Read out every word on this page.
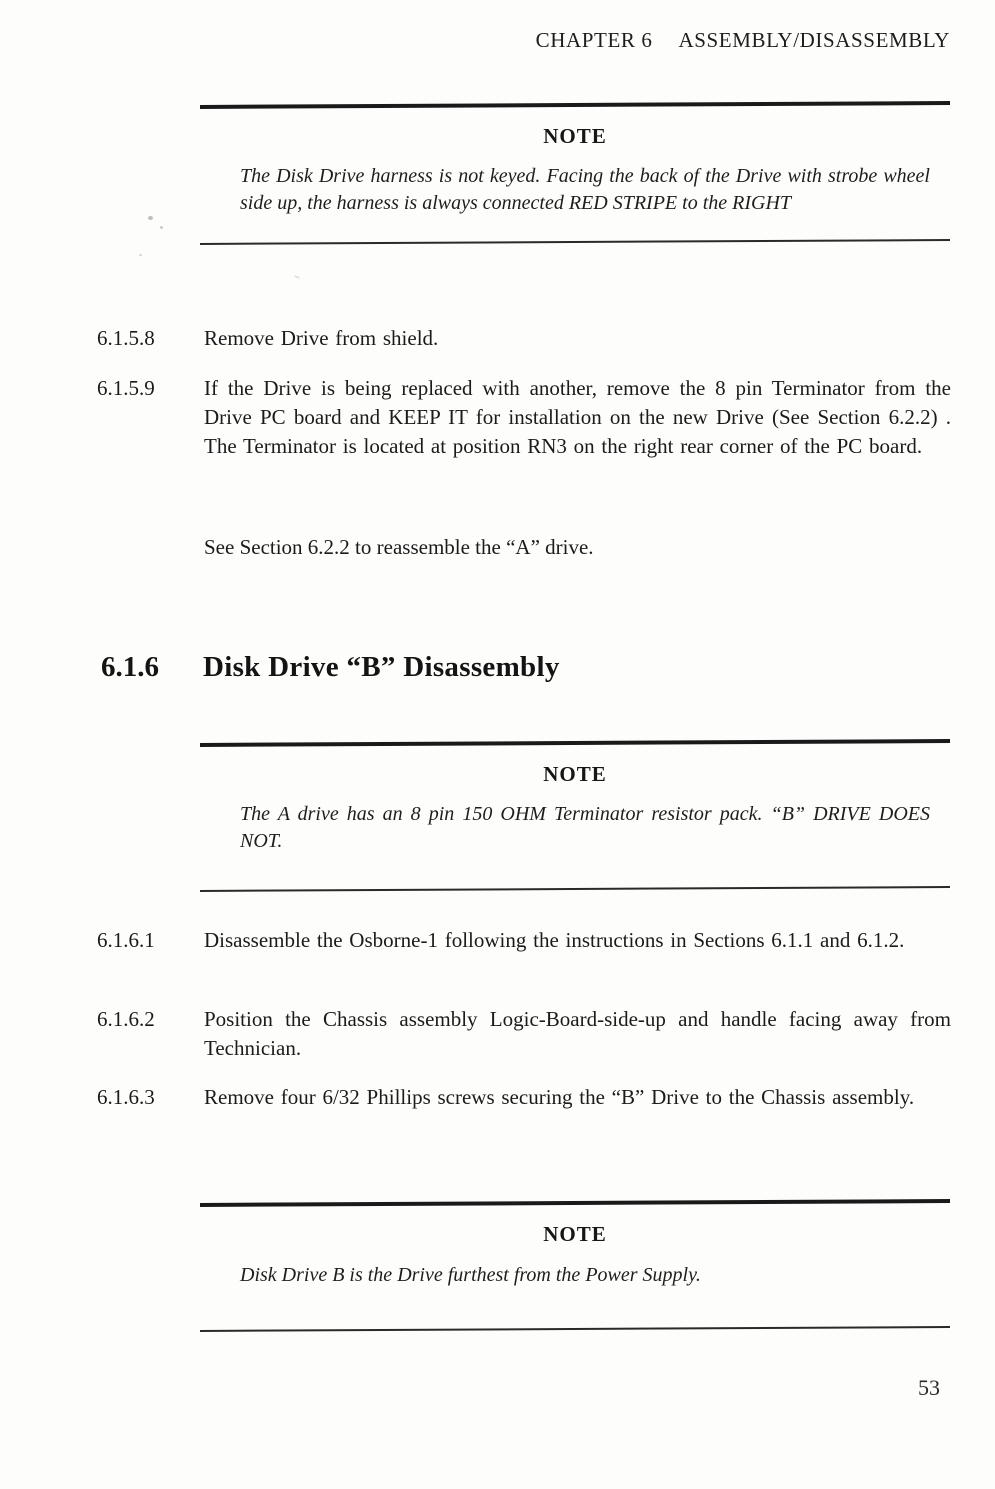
CHAPTER 6 ASSEMBLY/DISASSEMBLY
NOTE
The Disk Drive harness is not keyed. Facing the back of the Drive with strobe wheel side up, the harness is always connected RED STRIPE to the RIGHT
6.1.5.8 Remove Drive from shield.
6.1.5.9 If the Drive is being replaced with another, remove the 8 pin Terminator from the Drive PC board and KEEP IT for installation on the new Drive (See Section 6.2.2) . The Terminator is located at position RN3 on the right rear corner of the PC board.
See Section 6.2.2 to reassemble the “A” drive.
6.1.6 Disk Drive “B” Disassembly
NOTE
The A drive has an 8 pin 150 OHM Terminator resistor pack. “B” DRIVE DOES NOT.
6.1.6.1 Disassemble the Osborne-1 following the instructions in Sections 6.1.1 and 6.1.2.
6.1.6.2 Position the Chassis assembly Logic-Board-side-up and handle facing away from Technician.
6.1.6.3 Remove four 6/32 Phillips screws securing the “B” Drive to the Chassis assembly.
NOTE
Disk Drive B is the Drive furthest from the Power Supply.
53
